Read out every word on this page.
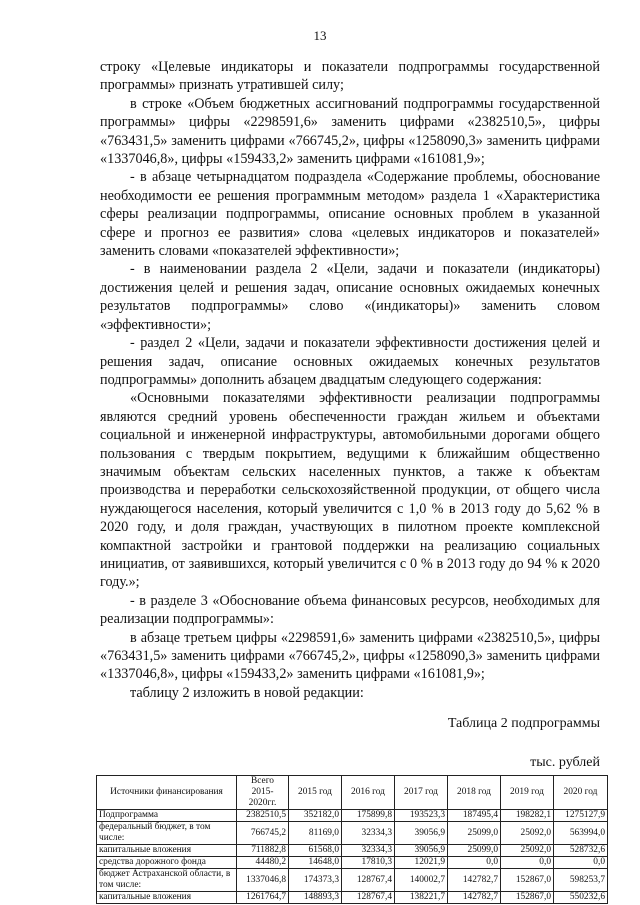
13

строку «Целевые индикаторы и показатели подпрограммы государственной программы» признать утратившей силу;

в строке «Объем бюджетных ассигнований подпрограммы государственной программы» цифры «2298591,6» заменить цифрами «2382510,5», цифры «763431,5» заменить цифрами «766745,2», цифры «1258090,3» заменить цифрами «1337046,8», цифры «159433,2» заменить цифрами «161081,9»;

- в абзаце четырнадцатом подраздела «Содержание проблемы, обоснование необходимости ее решения программным методом» раздела 1 «Характеристика сферы реализации подпрограммы, описание основных проблем в указанной сфере и прогноз ее развития» слова «целевых индикаторов и показателей» заменить словами «показателей эффективности»;

- в наименовании раздела 2 «Цели, задачи и показатели (индикаторы) достижения целей и решения задач, описание основных ожидаемых конечных результатов подпрограммы» слово «(индикаторы)» заменить словом «эффективности»;

- раздел 2 «Цели, задачи и показатели эффективности достижения целей и решения задач, описание основных ожидаемых конечных результатов подпрограммы» дополнить абзацем двадцатым следующего содержания:

«Основными показателями эффективности реализации подпрограммы являются средний уровень обеспеченности граждан жильем и объектами социальной и инженерной инфраструктуры, автомобильными дорогами общего пользования с твердым покрытием, ведущими к ближайшим общественно значимым объектам сельских населенных пунктов, а также к объектам производства и переработки сельскохозяйственной продукции, от общего числа нуждающегося населения, который увеличится с 1,0 % в 2013 году до 5,62 % в 2020 году, и доля граждан, участвующих в пилотном проекте комплексной компактной застройки и грантовой поддержки на реализацию социальных инициатив, от заявившихся, который увеличится с 0 % в 2013 году до 94 % к 2020 году.»;

- в разделе 3 «Обоснование объема финансовых ресурсов, необходимых для реализации подпрограммы»:

в абзаце третьем цифры «2298591,6» заменить цифрами «2382510,5», цифры «763431,5» заменить цифрами «766745,2», цифры «1258090,3» заменить цифрами «1337046,8», цифры «159433,2» заменить цифрами «161081,9»;

таблицу 2 изложить в новой редакции:

Таблица 2 подпрограммы
тыс. рублей
Источники финансирования	Всего 2015-2020гг.	2015 год	2016 год	2017 год	2018 год	2019 год	2020 год
Подпрограмма	2382510,5	352182,0	175899,8	193523,3	187495,4	198282,1	1275127,9
федеральный бюджет, в том числе:	766745,2	81169,0	32334,3	39056,9	25099,0	25092,0	563994,0
капитальные вложения	711882,8	61568,0	32334,3	39056,9	25099,0	25092,0	528732,6
средства дорожного фонда	44480,2	14648,0	17810,3	12021,9	0,0	0,0	0,0
бюджет Астраханской области, в том числе:	1337046,8	174373,3	128767,4	140002,7	142782,7	152867,0	598253,7
капитальные вложения	1261764,7	148893,3	128767,4	138221,7	142782,7	152867,0	550232,6
